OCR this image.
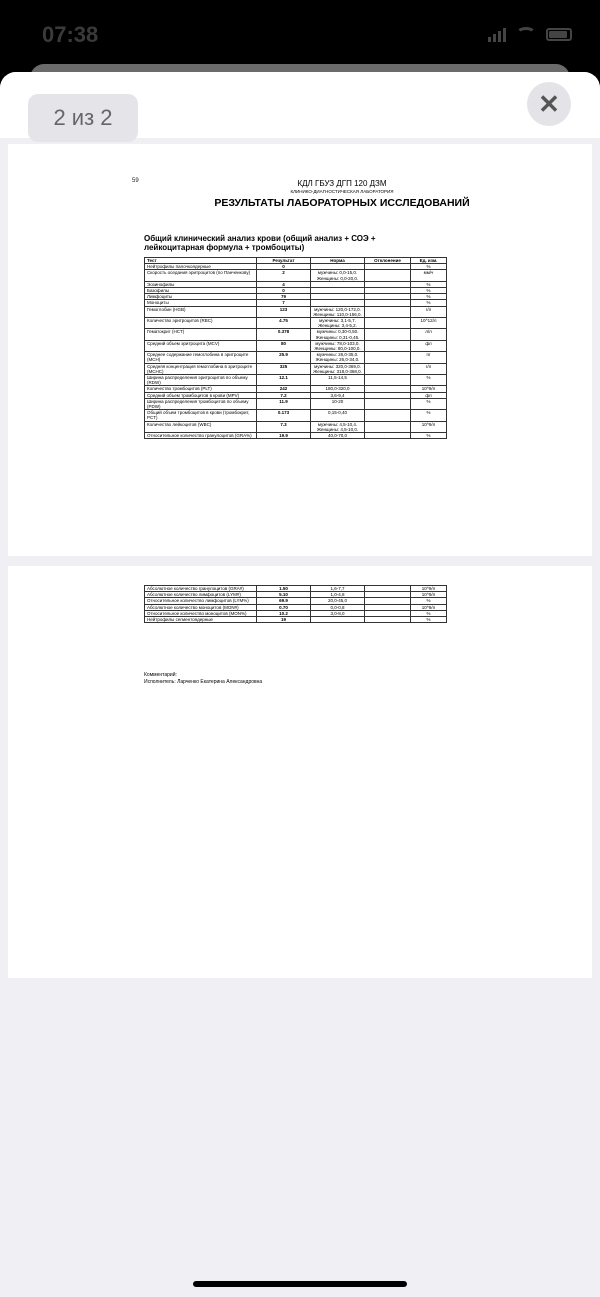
07:38
✕
59	КДЛ ГБУЗ ДГП 120 ДЗМ
КЛИНИКО-ДИАГНОСТИЧЕСКАЯ ЛАБОРАТОРИЯ
РЕЗУЛЬТАТЫ ЛАБОРАТОРНЫХ ИССЛЕДОВАНИЙ
Общий клинический анализ крови (общий анализ + СОЭ + лейкоцитарная формула + тромбоциты)
Тест	Результат	Норма	Отклонение	Ед. изм.
Нейтрофилы палочкоядерные	0			%
Скорость оседания эритроцитов (по Панченкову)	2	мужчины: 0,0-15,0. Женщины: 0,0-20,0.		мм/ч
Эозинофилы	4			%
Базофилы	0			%
Лимфоциты	79			%
Моноциты	7			%
Гемоглобин (HGB)	123	мужчины: 120,0-172,0. Женщины: 110,0-156,0.		г/л
Количество эритроцитов (RBC)	4.75	мужчины: 3,1-5,7. Женщины: 3,4-5,2.		10^12/л
Гематокрит (HCT)	0.378	мужчины: 0,30-0,50. Женщины: 0,31-0,45.		л/л
Средний объем эритроцита (MCV)	80	мужчины: 78,0-103,0. Женщины: 80,0-100,0.		фл
Среднее содержание гемоглобина в эритроците (MCH)	25.9	мужчины: 26,0-35,0. Женщины: 26,0-34,0.		пг
Средняя концентрация гемоглобина в эритроците (MCHC)	325	мужчины: 320,0-369,0. Женщины: 318,0-368,0.		г/л
Ширина распределения эритроцитов по объему (RDW)	12.1	11,5-14,5		%
Количество тромбоцитов (PLT)	242	180,0-320,0		10^9/л
Средний объем тромбоцитов в крови (MPV)	7.2	3,6-9,4		фл
Ширина распределения тромбоцитов по объему (PDW)	11.9	10-20		%
Общий объем тромбоцитов в крови (тромбокрит, PCT)	0.173	0,15-0,40		%
Количество лейкоцитов (WBC)	7.3	мужчины: 4,5-10,4. Женщины: 4,5-10,0.		10^9/л
Относительное количество гранулоцитов (GRA%)	19.9	40,0-70,0		%
Абсолютное количество гранулоцитов (GRA#)	1.50	1,6-7,7		10^9/л
Абсолютное количество лимфоцитов (LYM#)	5.10	1,0-4,8		10^9/л
Относительное количество лимфоцитов (LYM%)	69.9	20,0-45,0		%
Абсолютное количество моноцитов (MON#)	0.70	0,0-0,8		10^9/л
Относительное количество моноцитов (MON%)	10.2	3,0-8,0		%
Нейтрофилы сегментоядерные	19			%
Комментарий:
Исполнитель: Ларченко Екатерина Александровна
2 из 2
